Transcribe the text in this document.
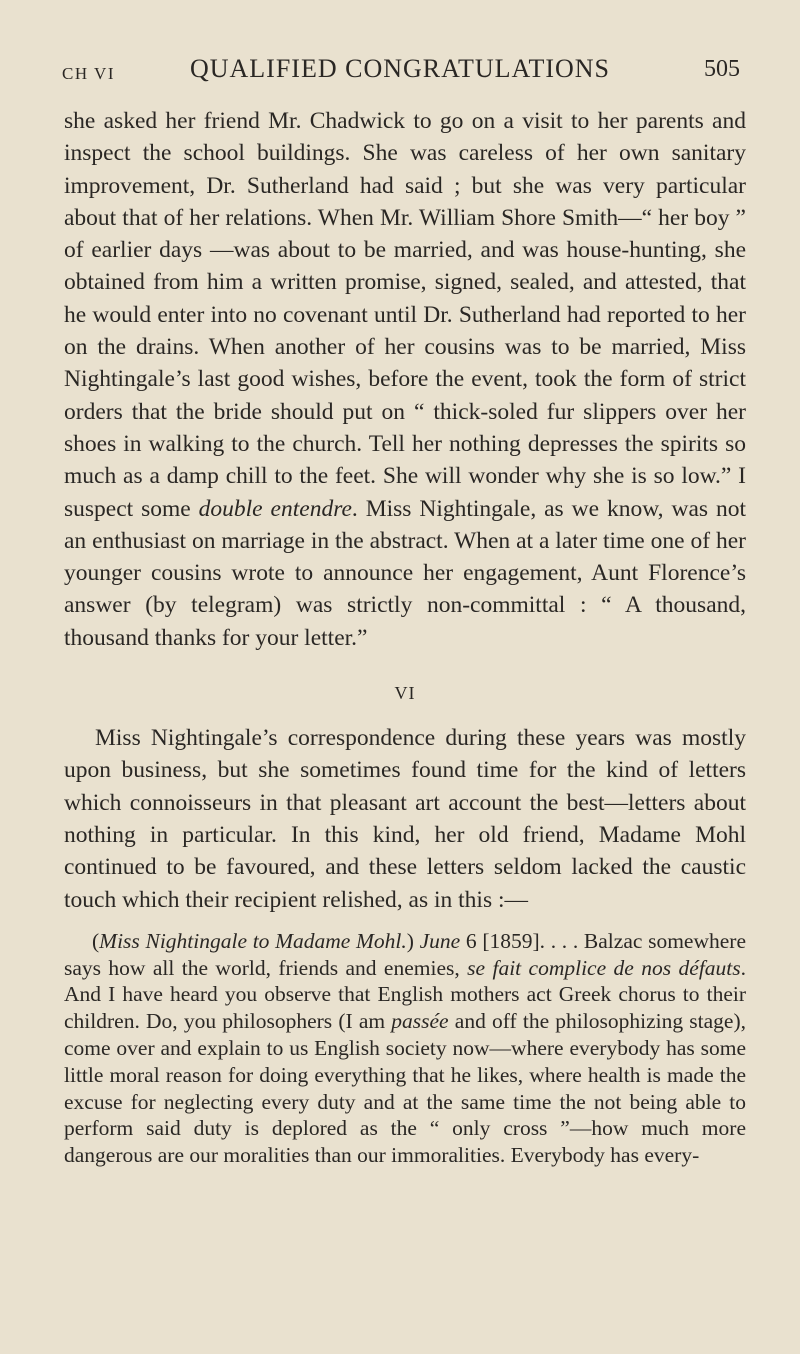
CH VI	QUALIFIED CONGRATULATIONS	505

she asked her friend Mr. Chadwick to go on a visit to her parents and inspect the school buildings. She was careless of her own sanitary improvement, Dr. Sutherland had said ; but she was very particular about that of her relations. When Mr. William Shore Smith—“ her boy ” of earlier days —was about to be married, and was house-hunting, she obtained from him a written promise, signed, sealed, and attested, that he would enter into no covenant until Dr. Sutherland had reported to her on the drains. When another of her cousins was to be married, Miss Nightingale’s last good wishes, before the event, took the form of strict orders that the bride should put on “ thick-soled fur slippers over her shoes in walking to the church. Tell her nothing depresses the spirits so much as a damp chill to the feet. She will wonder why she is so low.” I suspect some double entendre. Miss Nightingale, as we know, was not an enthusiast on marriage in the abstract. When at a later time one of her younger cousins wrote to announce her engagement, Aunt Florence’s answer (by telegram) was strictly non-committal : “ A thousand, thousand thanks for your letter.”

VI

Miss Nightingale’s correspondence during these years was mostly upon business, but she sometimes found time for the kind of letters which connoisseurs in that pleasant art account the best—letters about nothing in particular. In this kind, her old friend, Madame Mohl continued to be favoured, and these letters seldom lacked the caustic touch which their recipient relished, as in this :—

(Miss Nightingale to Madame Mohl.) June 6 [1859]. . . . Balzac somewhere says how all the world, friends and enemies, se fait complice de nos défauts. And I have heard you observe that English mothers act Greek chorus to their children. Do, you philosophers (I am passée and off the philosophizing stage), come over and explain to us English society now—where everybody has some little moral reason for doing everything that he likes, where health is made the excuse for neglecting every duty and at the same time the not being able to perform said duty is deplored as the “ only cross ”—how much more dangerous are our moralities than our immoralities. Everybody has every-
